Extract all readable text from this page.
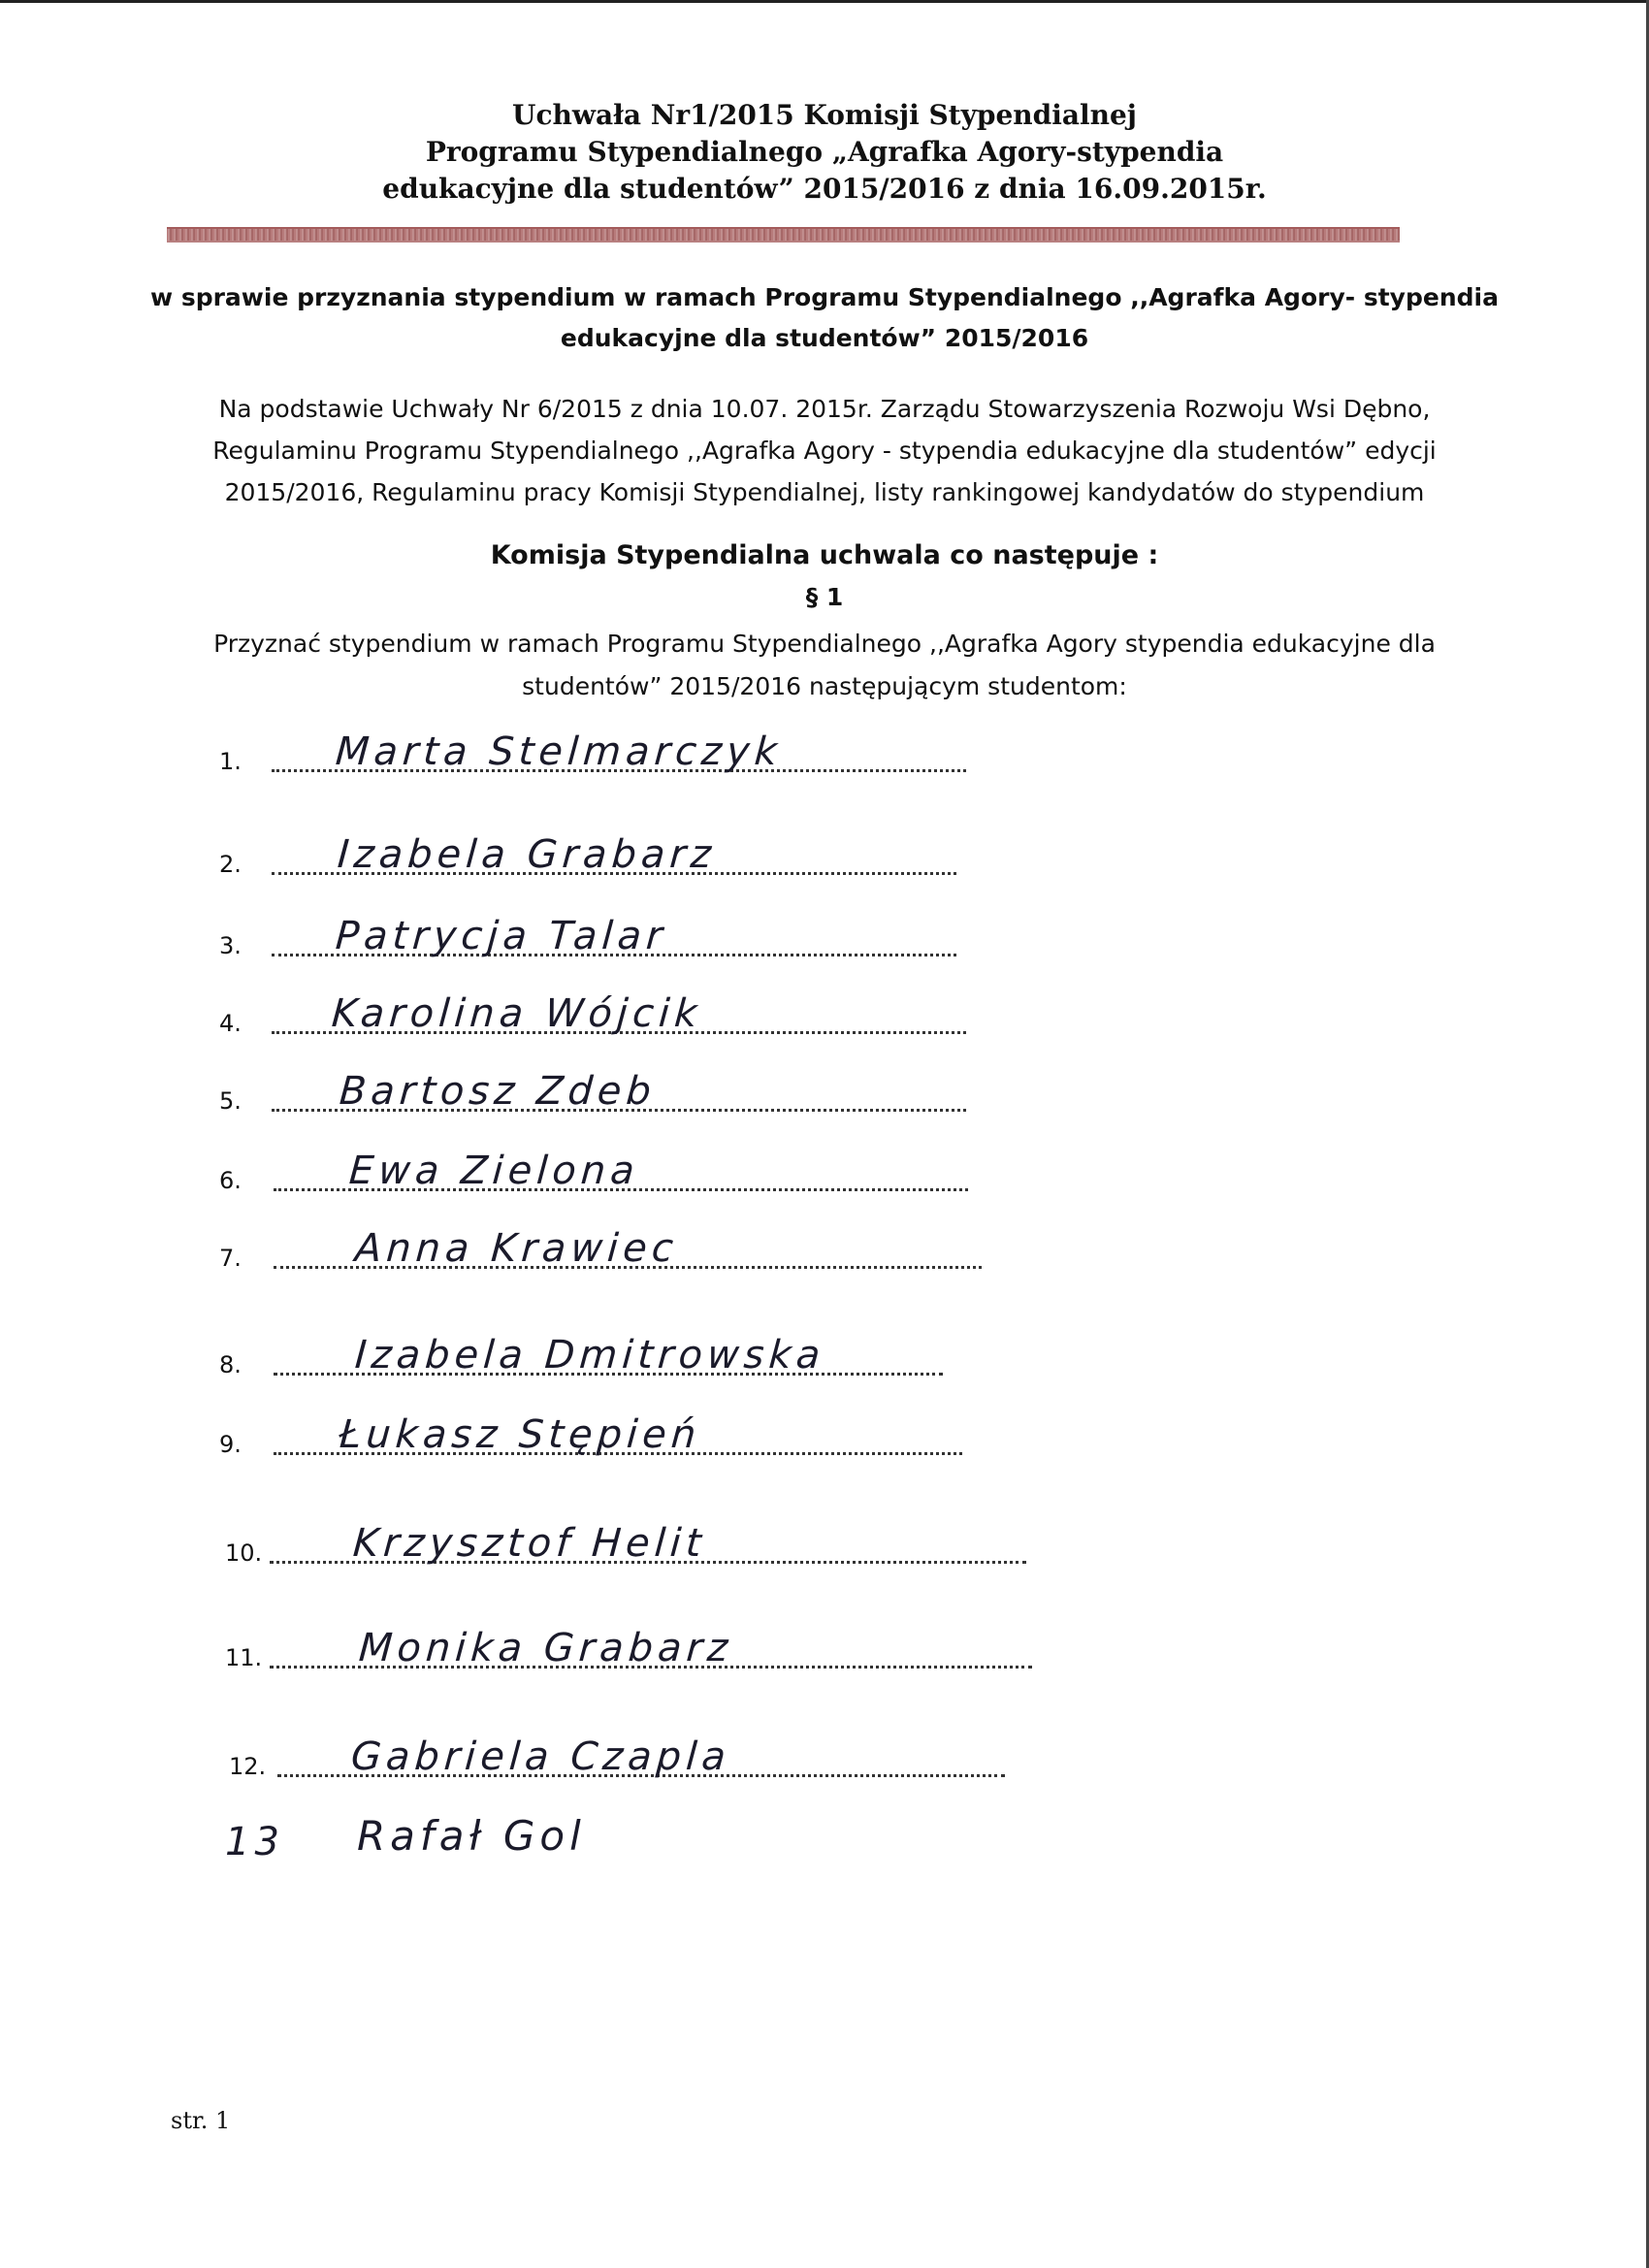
Uchwała Nr1/2015 Komisji Stypendialnej
Programu Stypendialnego „Agrafka Agory-stypendia
edukacyjne dla studentów” 2015/2016 z dnia 16.09.2015r.
w sprawie przyznania stypendium w ramach Programu Stypendialnego ,,Agrafka Agory- stypendia
edukacyjne dla studentów” 2015/2016
Na podstawie Uchwały Nr 6/2015 z dnia 10.07. 2015r. Zarządu Stowarzyszenia Rozwoju Wsi Dębno,
Regulaminu Programu Stypendialnego ,,Agrafka Agory - stypendia edukacyjne dla studentów” edycji
2015/2016, Regulaminu pracy Komisji Stypendialnej, listy rankingowej kandydatów do stypendium
Komisja Stypendialna uchwala co następuje :
§ 1
Przyznać stypendium w ramach Programu Stypendialnego ,,Agrafka Agory stypendia edukacyjne dla
studentów” 2015/2016 następującym studentom:
1. Marta Stelmarczyk
2. Izabela Grabarz
3. Patrycja Talar
4. Karolina Wójcik
5. Bartosz Zdeb
6.	Ewa Zielona
7.	Anna Krawiec
8.	Izabela Dmitrowska
9. Łukasz Stępień
10. Krzysztof Helit
11. Monika Grabarz
12. Gabriela Czapla
13 Rafał Gol
str. 1
